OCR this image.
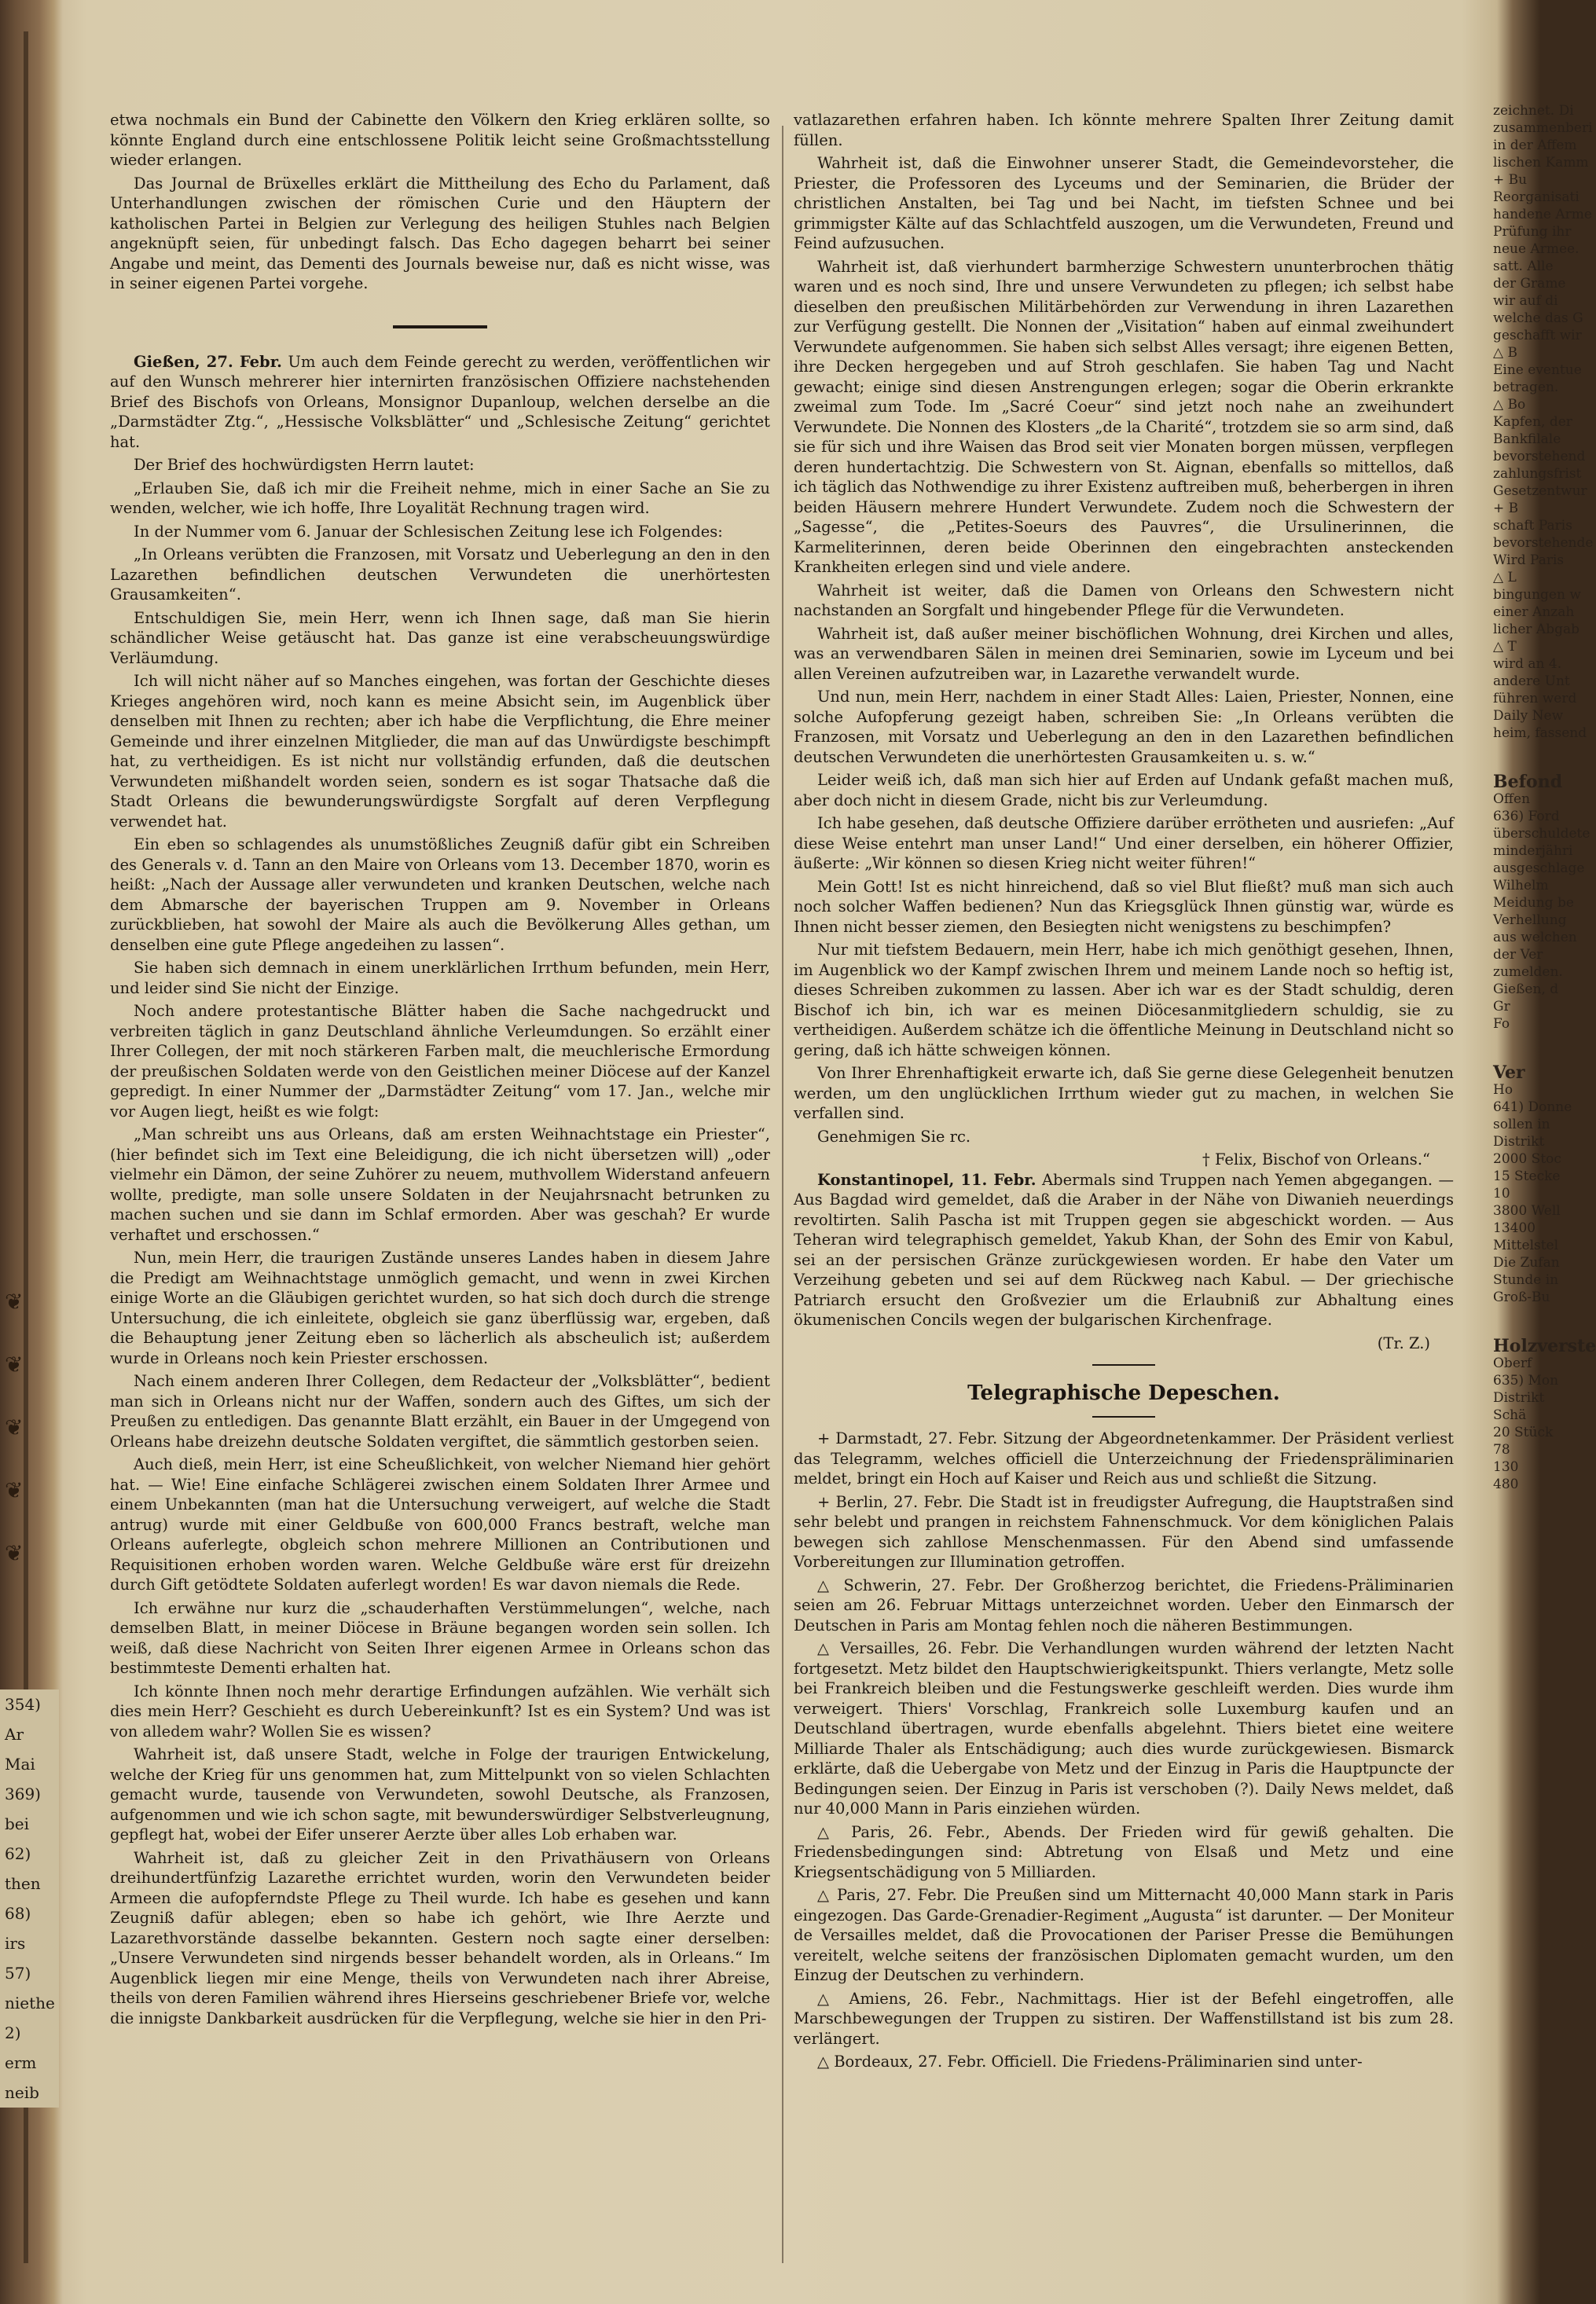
❦
❦
❦
❦
❦
354)
Ar
Mai
369)
bei
62)
then
68)
irs
57)
niethe
2)
erm
neib

etwa nochmals ein Bund der Cabinette den Völkern den Krieg erklären sollte, so könnte England durch eine entschlossene Politik leicht seine Großmachtsstellung wieder erlangen.

Das Journal de Brüxelles erklärt die Mittheilung des Echo du Parlament, daß Unterhandlungen zwischen der römischen Curie und den Häuptern der katholischen Partei in Belgien zur Verlegung des heiligen Stuhles nach Belgien angeknüpft seien, für unbedingt falsch. Das Echo dagegen beharrt bei seiner Angabe und meint, das Dementi des Journals beweise nur, daß es nicht wisse, was in seiner eigenen Partei vorgehe.

Gießen, 27. Febr. Um auch dem Feinde gerecht zu werden, veröffentlichen wir auf den Wunsch mehrerer hier internirten französischen Offiziere nachstehenden Brief des Bischofs von Orleans, Monsignor Dupanloup, welchen derselbe an die „Darmstädter Ztg.“, „Hessische Volksblätter“ und „Schlesische Zeitung“ gerichtet hat.

Der Brief des hochwürdigsten Herrn lautet:

„Erlauben Sie, daß ich mir die Freiheit nehme, mich in einer Sache an Sie zu wenden, welcher, wie ich hoffe, Ihre Loyalität Rechnung tragen wird.

In der Nummer vom 6. Januar der Schlesischen Zeitung lese ich Folgendes:

„In Orleans verübten die Franzosen, mit Vorsatz und Ueberlegung an den in den Lazarethen befindlichen deutschen Verwundeten die unerhörtesten Grausamkeiten“.

Entschuldigen Sie, mein Herr, wenn ich Ihnen sage, daß man Sie hierin schändlicher Weise getäuscht hat. Das ganze ist eine verabscheuungswürdige Verläumdung.

Ich will nicht näher auf so Manches eingehen, was fortan der Geschichte dieses Krieges angehören wird, noch kann es meine Absicht sein, im Augenblick über denselben mit Ihnen zu rechten; aber ich habe die Verpflichtung, die Ehre meiner Gemeinde und ihrer einzelnen Mitglieder, die man auf das Unwürdigste beschimpft hat, zu vertheidigen. Es ist nicht nur vollständig erfunden, daß die deutschen Verwundeten mißhandelt worden seien, sondern es ist sogar Thatsache daß die Stadt Orleans die bewunderungswürdigste Sorgfalt auf deren Verpflegung verwendet hat.

Ein eben so schlagendes als unumstößliches Zeugniß dafür gibt ein Schreiben des Generals v. d. Tann an den Maire von Orleans vom 13. December 1870, worin es heißt: „Nach der Aussage aller verwundeten und kranken Deutschen, welche nach dem Abmarsche der bayerischen Truppen am 9. November in Orleans zurückblieben, hat sowohl der Maire als auch die Bevölkerung Alles gethan, um denselben eine gute Pflege angedeihen zu lassen“.

Sie haben sich demnach in einem unerklärlichen Irrthum befunden, mein Herr, und leider sind Sie nicht der Einzige.

Noch andere protestantische Blätter haben die Sache nachgedruckt und verbreiten täglich in ganz Deutschland ähnliche Verleumdungen. So erzählt einer Ihrer Collegen, der mit noch stärkeren Farben malt, die meuchlerische Ermordung der preußischen Soldaten werde von den Geistlichen meiner Diöcese auf der Kanzel gepredigt. In einer Nummer der „Darmstädter Zeitung“ vom 17. Jan., welche mir vor Augen liegt, heißt es wie folgt:

„Man schreibt uns aus Orleans, daß am ersten Weihnachtstage ein Priester“, (hier befindet sich im Text eine Beleidigung, die ich nicht übersetzen will) „oder vielmehr ein Dämon, der seine Zuhörer zu neuem, muthvollem Widerstand anfeuern wollte, predigte, man solle unsere Soldaten in der Neujahrsnacht betrunken zu machen suchen und sie dann im Schlaf ermorden. Aber was geschah? Er wurde verhaftet und erschossen.“

Nun, mein Herr, die traurigen Zustände unseres Landes haben in diesem Jahre die Predigt am Weihnachtstage unmöglich gemacht, und wenn in zwei Kirchen einige Worte an die Gläubigen gerichtet wurden, so hat sich doch durch die strenge Untersuchung, die ich einleitete, obgleich sie ganz überflüssig war, ergeben, daß die Behauptung jener Zeitung eben so lächerlich als abscheulich ist; außerdem wurde in Orleans noch kein Priester erschossen.

Nach einem anderen Ihrer Collegen, dem Redacteur der „Volksblätter“, bedient man sich in Orleans nicht nur der Waffen, sondern auch des Giftes, um sich der Preußen zu entledigen. Das genannte Blatt erzählt, ein Bauer in der Umgegend von Orleans habe dreizehn deutsche Soldaten vergiftet, die sämmtlich gestorben seien.

Auch dieß, mein Herr, ist eine Scheußlichkeit, von welcher Niemand hier gehört hat. — Wie! Eine einfache Schlägerei zwischen einem Soldaten Ihrer Armee und einem Unbekannten (man hat die Untersuchung verweigert, auf welche die Stadt antrug) wurde mit einer Geldbuße von 600,000 Francs bestraft, welche man Orleans auferlegte, obgleich schon mehrere Millionen an Contributionen und Requisitionen erhoben worden waren. Welche Geldbuße wäre erst für dreizehn durch Gift getödtete Soldaten auferlegt worden! Es war davon niemals die Rede.

Ich erwähne nur kurz die „schauderhaften Verstümmelungen“, welche, nach demselben Blatt, in meiner Diöcese in Bräune begangen worden sein sollen. Ich weiß, daß diese Nachricht von Seiten Ihrer eigenen Armee in Orleans schon das bestimmteste Dementi erhalten hat.

Ich könnte Ihnen noch mehr derartige Erfindungen aufzählen. Wie verhält sich dies mein Herr? Geschieht es durch Uebereinkunft? Ist es ein System? Und was ist von alledem wahr? Wollen Sie es wissen?

Wahrheit ist, daß unsere Stadt, welche in Folge der traurigen Entwickelung, welche der Krieg für uns genommen hat, zum Mittelpunkt von so vielen Schlachten gemacht wurde, tausende von Verwundeten, sowohl Deutsche, als Franzosen, aufgenommen und wie ich schon sagte, mit bewunderswürdiger Selbstverleugnung, gepflegt hat, wobei der Eifer unserer Aerzte über alles Lob erhaben war.

Wahrheit ist, daß zu gleicher Zeit in den Privathäusern von Orleans dreihundertfünfzig Lazarethe errichtet wurden, worin den Verwundeten beider Armeen die aufopferndste Pflege zu Theil wurde. Ich habe es gesehen und kann Zeugniß dafür ablegen; eben so habe ich gehört, wie Ihre Aerzte und Lazarethvorstände dasselbe bekannten. Gestern noch sagte einer derselben: „Unsere Verwundeten sind nirgends besser behandelt worden, als in Orleans.“ Im Augenblick liegen mir eine Menge, theils von Verwundeten nach ihrer Abreise, theils von deren Familien während ihres Hierseins geschriebener Briefe vor, welche die innigste Dankbarkeit ausdrücken für die Verpflegung, welche sie hier in den Pri-

vatlazarethen erfahren haben. Ich könnte mehrere Spalten Ihrer Zeitung damit füllen.

Wahrheit ist, daß die Einwohner unserer Stadt, die Gemeindevorsteher, die Priester, die Professoren des Lyceums und der Seminarien, die Brüder der christlichen Anstalten, bei Tag und bei Nacht, im tiefsten Schnee und bei grimmigster Kälte auf das Schlachtfeld auszogen, um die Verwundeten, Freund und Feind aufzusuchen.

Wahrheit ist, daß vierhundert barmherzige Schwestern ununterbrochen thätig waren und es noch sind, Ihre und unsere Verwundeten zu pflegen; ich selbst habe dieselben den preußischen Militärbehörden zur Verwendung in ihren Lazarethen zur Verfügung gestellt. Die Nonnen der „Visitation“ haben auf einmal zweihundert Verwundete aufgenommen. Sie haben sich selbst Alles versagt; ihre eigenen Betten, ihre Decken hergegeben und auf Stroh geschlafen. Sie haben Tag und Nacht gewacht; einige sind diesen Anstrengungen erlegen; sogar die Oberin erkrankte zweimal zum Tode. Im „Sacré Coeur“ sind jetzt noch nahe an zweihundert Verwundete. Die Nonnen des Klosters „de la Charité“, trotzdem sie so arm sind, daß sie für sich und ihre Waisen das Brod seit vier Monaten borgen müssen, verpflegen deren hundertachtzig. Die Schwestern von St. Aignan, ebenfalls so mittellos, daß ich täglich das Nothwendige zu ihrer Existenz auftreiben muß, beherbergen in ihren beiden Häusern mehrere Hundert Verwundete. Zudem noch die Schwestern der „Sagesse“, die „Petites-Soeurs des Pauvres“, die Ursulinerinnen, die Karmeliterinnen, deren beide Oberinnen den eingebrachten ansteckenden Krankheiten erlegen sind und viele andere.

Wahrheit ist weiter, daß die Damen von Orleans den Schwestern nicht nachstanden an Sorgfalt und hingebender Pflege für die Verwundeten.

Wahrheit ist, daß außer meiner bischöflichen Wohnung, drei Kirchen und alles, was an verwendbaren Sälen in meinen drei Seminarien, sowie im Lyceum und bei allen Vereinen aufzutreiben war, in Lazarethe verwandelt wurde.

Und nun, mein Herr, nachdem in einer Stadt Alles: Laien, Priester, Nonnen, eine solche Aufopferung gezeigt haben, schreiben Sie: „In Orleans verübten die Franzosen, mit Vorsatz und Ueberlegung an den in den Lazarethen befindlichen deutschen Verwundeten die unerhörtesten Grausamkeiten u. s. w.“

Leider weiß ich, daß man sich hier auf Erden auf Undank gefaßt machen muß, aber doch nicht in diesem Grade, nicht bis zur Verleumdung.

Ich habe gesehen, daß deutsche Offiziere darüber erröthеten und ausriefen: „Auf diese Weise entehrt man unser Land!“ Und einer derselben, ein höherer Offizier, äußerte: „Wir können so diesen Krieg nicht weiter führen!“

Mein Gott! Ist es nicht hinreichend, daß so viel Blut fließt? muß man sich auch noch solcher Waffen bedienen? Nun das Kriegsglück Ihnen günstig war, würde es Ihnen nicht besser ziemen, den Besiegten nicht wenigstens zu beschimpfen?

Nur mit tiefstem Bedauern, mein Herr, habe ich mich genöthigt gesehen, Ihnen, im Augenblick wo der Kampf zwischen Ihrem und meinem Lande noch so heftig ist, dieses Schreiben zukommen zu lassen. Aber ich war es der Stadt schuldig, deren Bischof ich bin, ich war es meinen Diöcesanmitgliedern schuldig, sie zu vertheidigen. Außerdem schätze ich die öffentliche Meinung in Deutschland nicht so gering, daß ich hätte schweigen können.

Von Ihrer Ehrenhaftigkeit erwarte ich, daß Sie gerne diese Gelegenheit benutzen werden, um den unglücklichen Irrthum wieder gut zu machen, in welchen Sie verfallen sind.

Genehmigen Sie rc.

† Felix, Bischof von Orleans.“

Konstantinopel, 11. Febr. Abermals sind Truppen nach Yemen abgegangen. — Aus Bagdad wird gemeldet, daß die Araber in der Nähe von Diwanieh neuerdings revoltirten. Salih Pascha ist mit Truppen gegen sie abgeschickt worden. — Aus Teheran wird telegraphisch gemeldet, Yakub Khan, der Sohn des Emir von Kabul, sei an der persischen Gränze zurückgewiesen worden. Er habe den Vater um Verzeihung gebeten und sei auf dem Rückweg nach Kabul. — Der griechische Patriarch ersucht den Großvezier um die Erlaubniß zur Abhaltung eines ökumenischen Concils wegen der bulgarischen Kirchenfrage.

(Tr. Z.)
Telegraphische Depeschen.

+ Darmstadt, 27. Febr. Sitzung der Abgeordnetenkammer. Der Präsident verliest das Telegramm, welches officiell die Unterzeichnung der Friedenspräliminarien meldet, bringt ein Hoch auf Kaiser und Reich aus und schließt die Sitzung.

+ Berlin, 27. Febr. Die Stadt ist in freudigster Aufregung, die Hauptstraßen sind sehr belebt und prangen in reichstem Fahnenschmuck. Vor dem königlichen Palais bewegen sich zahllose Menschenmassen. Für den Abend sind umfassende Vorbereitungen zur Illumination getroffen.

△ Schwerin, 27. Febr. Der Großherzog berichtet, die Friedens-Präliminarien seien am 26. Februar Mittags unterzeichnet worden. Ueber den Einmarsch der Deutschen in Paris am Montag fehlen noch die näheren Bestimmungen.

△ Versailles, 26. Febr. Die Verhandlungen wurden während der letzten Nacht fortgesetzt. Metz bildet den Hauptschwierigkeitspunkt. Thiers verlangte, Metz solle bei Frankreich bleiben und die Festungswerke geschleift werden. Dies wurde ihm verweigert. Thiers' Vorschlag, Frankreich solle Luxemburg kaufen und an Deutschland übertragen, wurde ebenfalls abgelehnt. Thiers bietet eine weitere Milliarde Thaler als Entschädigung; auch dies wurde zurückgewiesen. Bismarck erklärte, daß die Uebergabe von Metz und der Einzug in Paris die Hauptpuncte der Bedingungen seien. Der Einzug in Paris ist verschoben (?). Daily News meldet, daß nur 40,000 Mann in Paris einziehen würden.

△ Paris, 26. Febr., Abends. Der Frieden wird für gewiß gehalten. Die Friedensbedingungen sind: Abtretung von Elsaß und Metz und eine Kriegsentschädigung von 5 Milliarden.

△ Paris, 27. Febr. Die Preußen sind um Mitternacht 40,000 Mann stark in Paris eingezogen. Das Garde-Grenadier-Regiment „Augusta“ ist darunter. — Der Moniteur de Versailles meldet, daß die Provocationen der Pariser Presse die Bemühungen vereitelt, welche seitens der französischen Diplomaten gemacht wurden, um den Einzug der Deutschen zu verhindern.

△ Amiens, 26. Febr., Nachmittags. Hier ist der Befehl eingetroffen, alle Marschbewegungen der Truppen zu sistiren. Der Waffenstillstand ist bis zum 28. verlängert.

△ Bordeaux, 27. Febr. Officiell. Die Friedens-Präliminarien sind unter-

zeichnet. Di
zusammenberi
in der Affem
lischen Kamm
+ Bu
Reorganisati
handene Arme
Prüfung ihr
neue Armee.
satt. Alle
der Grame
wir auf di
welche das G
geschafft wir
△ B
Eine eventue
betragen.
△ Bo
Kapfen, der
Bankfilale
bevorstehend
zahlungsfrist
Gesetzentwur
+ B
schaft Paris
bevorstehende
Wird Paris
△ L
bingungen w
einer Anzah
licher Abgab
△ T
wird an 4.
andere Unt
führen werd
Daily New
heim, fassend
Befond
Offen
636) Ford
überschuldete
minderjähri
ausgeschlage
Wilhelm
Meidung be
Verhellung
aus welchen
der Ver
zumelden.
Gießen, d
Gr
Fo
Ver
Ho
641) Donne
sollen in
Distrikt
2000 Stoc
15 Stecke
10
3800 Well
13400
Mittelstel
Die Zufan
Stunde in
Groß-Bu
Holzverste
Oberf
635) Mon
Distrikt
Schä
20 Stück
78
130
480
